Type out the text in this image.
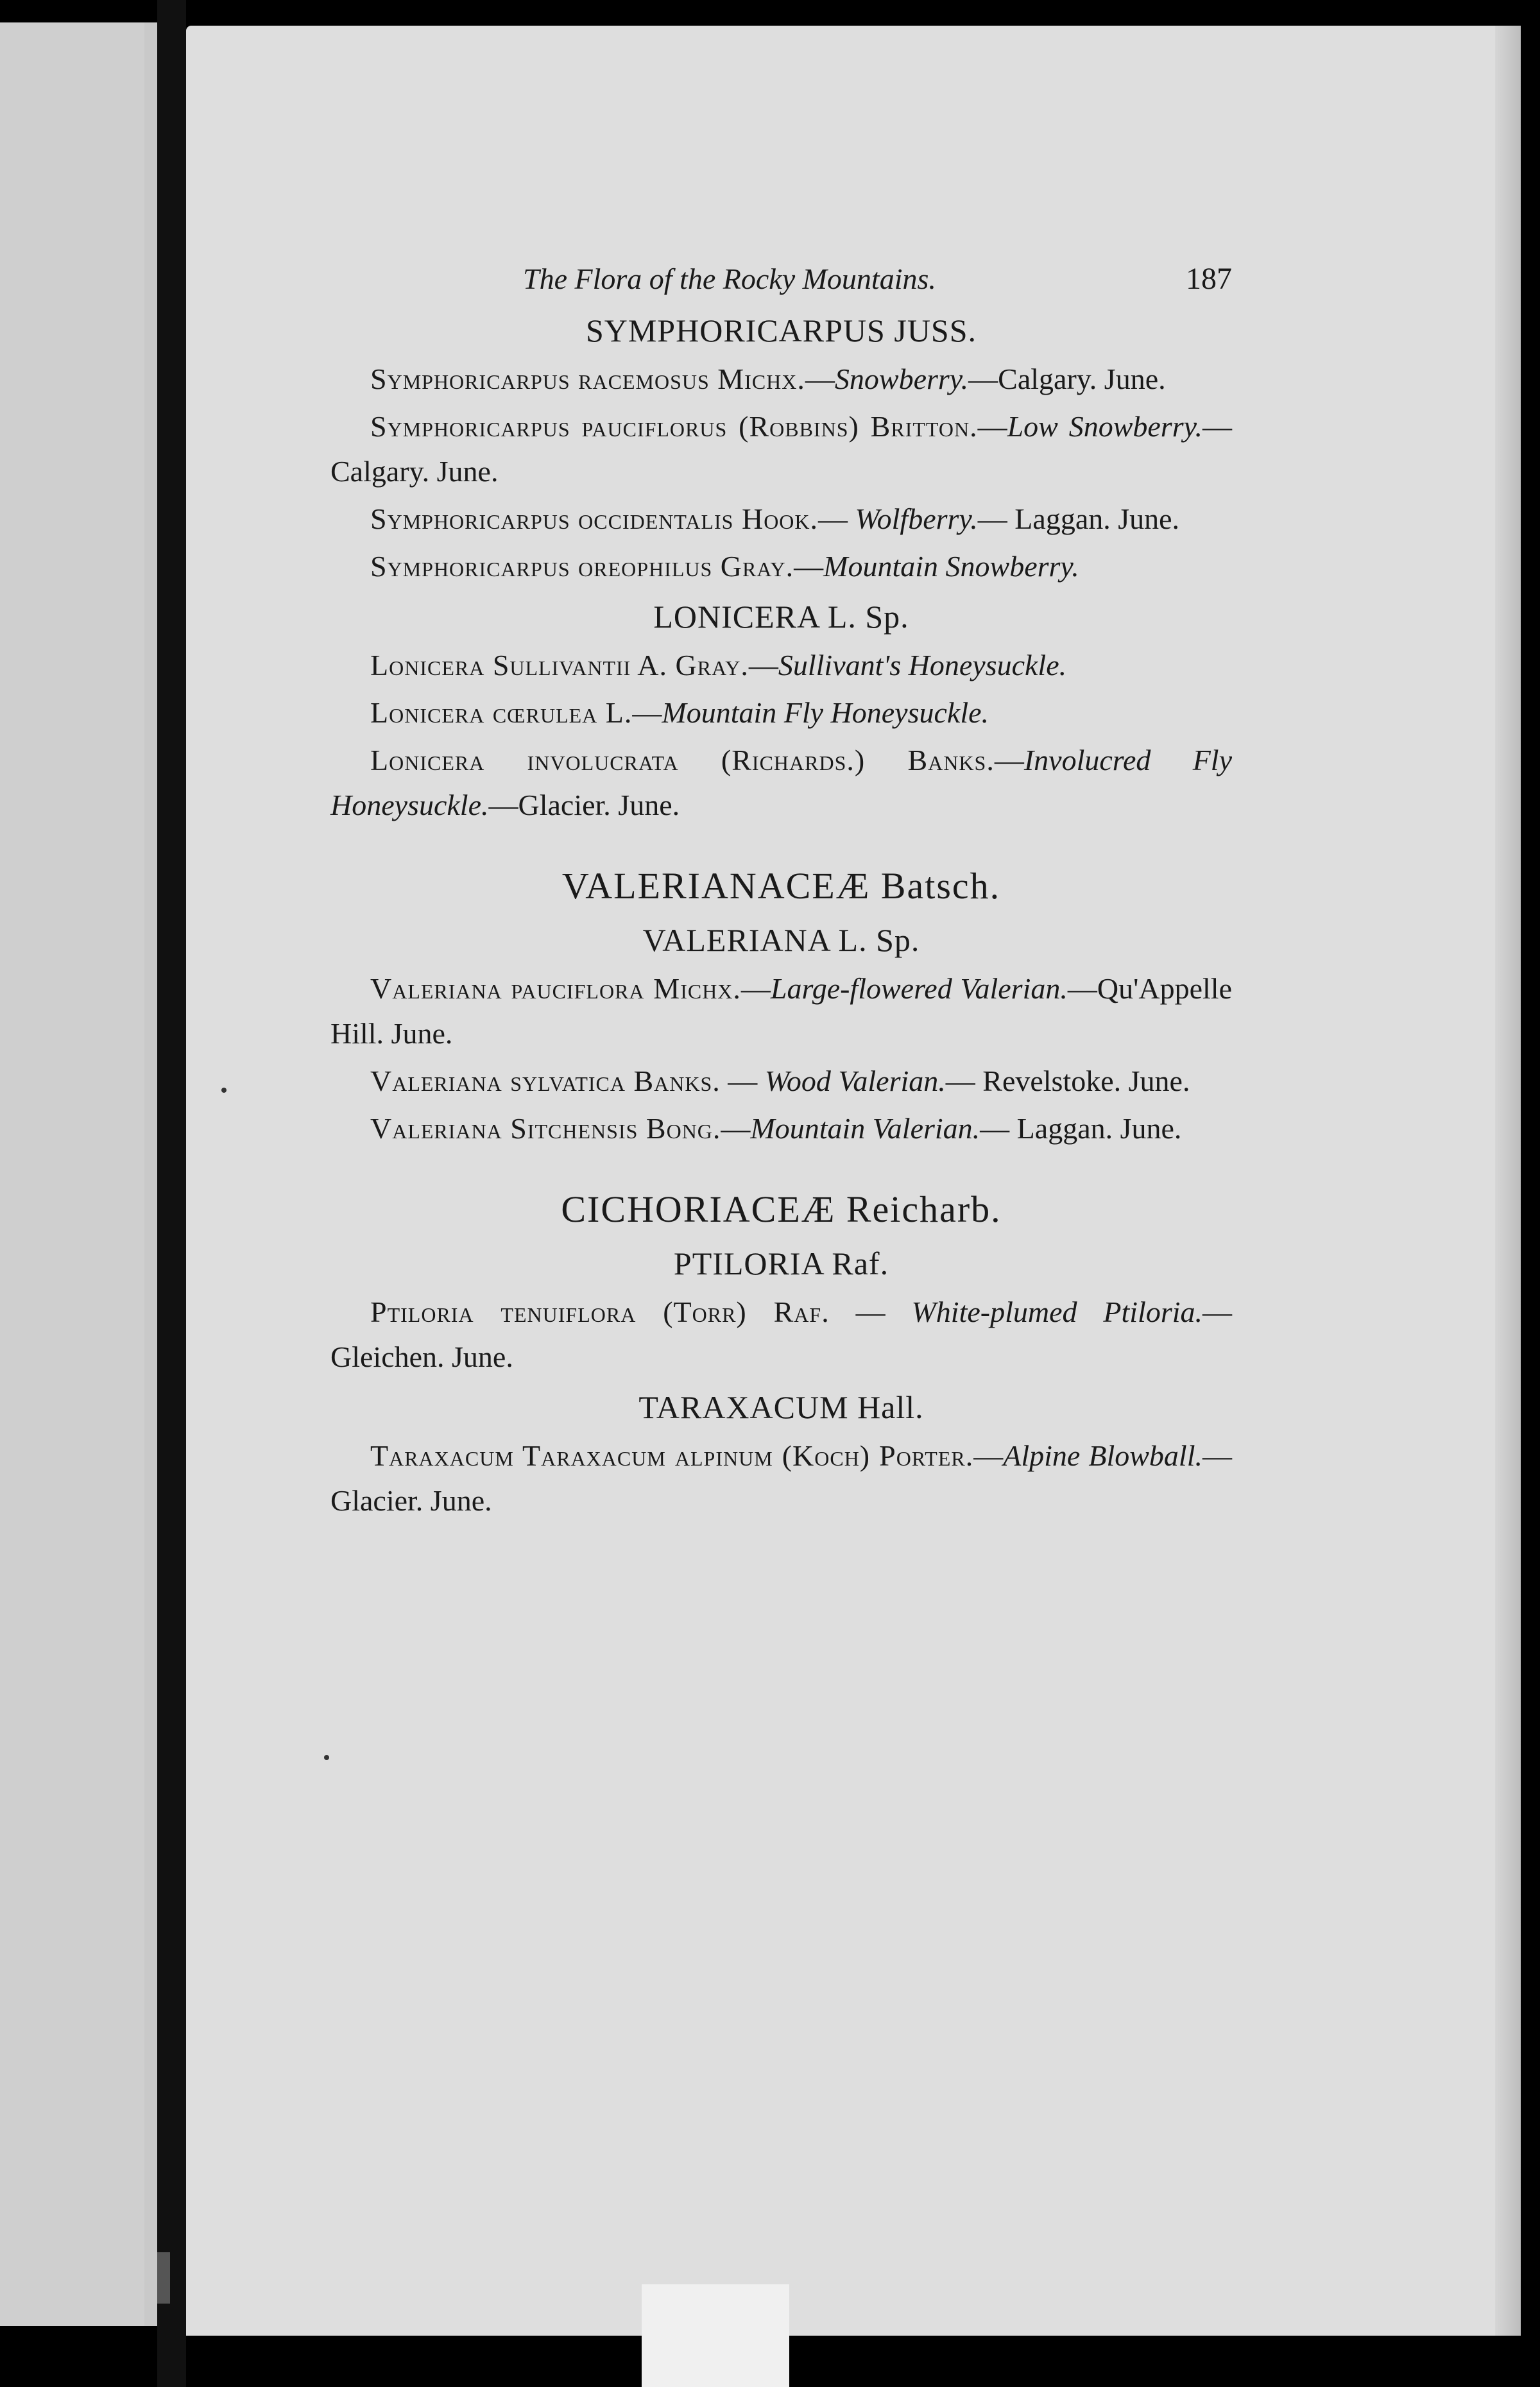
The Flora of the Rocky Mountains.	187
SYMPHORICARPUS JUSS.

Symphoricarpus racemosus Michx.—Snowberry.—Calgary. June.

Symphoricarpus pauciflorus (Robbins) Britton.—Low Snowberry.—Calgary. June.

Symphoricarpus occidentalis Hook.— Wolfberry.— Laggan. June.

Symphoricarpus oreophilus Gray.—Mountain Snowberry.

LONICERA L. Sp.

Lonicera Sullivantii A. Gray.—Sullivant's Honeysuckle.

Lonicera cœrulea L.—Mountain Fly Honeysuckle.

Lonicera involucrata (Richards.) Banks.—Involucred Fly Honeysuckle.—Glacier. June.

VALERIANACEÆ Batsch.
VALERIANA L. Sp.

Valeriana pauciflora Michx.—Large-flowered Valerian.—Qu'Appelle Hill. June.

Valeriana sylvatica Banks. — Wood Valerian.— Revelstoke. June.

Valeriana Sitchensis Bong.—Mountain Valerian.— Laggan. June.

CICHORIACEÆ Reicharb.
PTILORIA Raf.

Ptiloria tenuiflora (Torr) Raf. — White-plumed Ptiloria.—Gleichen. June.

TARAXACUM Hall.

Taraxacum Taraxacum alpinum (Koch) Porter.—Alpine Blowball.—Glacier. June.
